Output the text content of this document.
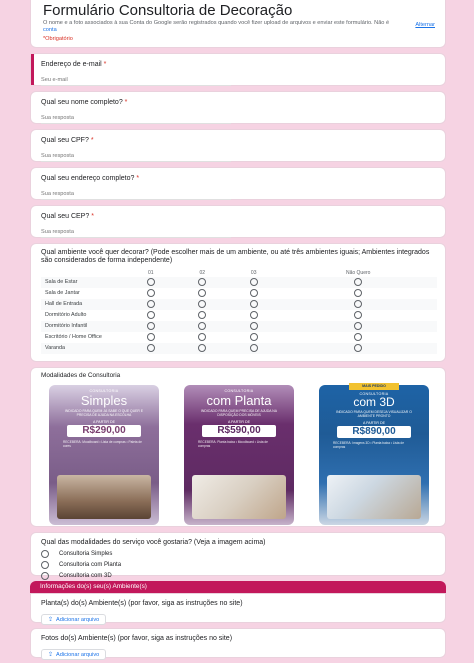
Formulário Consultoria de Decoração
O nome e a foto associados à sua Conta do Google serão registrados quando você fizer upload de arquivos e enviar este formulário. Não é conta
Alternar
*Obrigatório
Endereço de e-mail *
Seu e-mail
Qual seu nome completo? *
Sua resposta
Qual seu CPF? *
Sua resposta
Qual seu endereço completo? *
Sua resposta
Qual seu CEP? *
Sua resposta
Qual ambiente você quer decorar? (Pode escolher mais de um ambiente, ou até três ambientes iguais; Ambientes integrados são considerados de forma independente)
	01	02	03	Não Quero
Sala de Estar				
Sala de Jantar				
Hall de Entrada				
Dormitório Adulto				
Dormitório Infantil				
Escritório / Home Office				
Varanda				
Modalidades de Consultoria
CONSULTORIA
Simples
INDICADO PARA QUEM JÁ SABE O QUE QUER E PRECISA DE AJUDA NA ESCOLHA
A PARTIR DE
R$290,00
RECEBERÁ: Moodboard • Lista de compras • Paleta de cores
CONSULTORIA
com Planta
INDICADO PARA QUEM PRECISA DE AJUDA NA DISPOSIÇÃO DOS MÓVEIS
A PARTIR DE
R$590,00
RECEBERÁ: Planta baixa • Moodboard • Lista de compras
MAIS PEDIDO
CONSULTORIA
com 3D
INDICADO PARA QUEM DESEJA VISUALIZAR O AMBIENTE PRONTO
A PARTIR DE
R$890,00
RECEBERÁ: Imagens 3D • Planta baixa • Lista de compras
Qual das modalidades do serviço você gostaria? (Veja a imagem acima)
Consultoria Simples
Consultoria com Planta
Consultoria com 3D
Informações do(s) seu(s) Ambiente(s)
Planta(s) do(s) Ambiente(s) (por favor, siga as instruções no site)
⇪ Adicionar arquivo
Fotos do(s) Ambiente(s) (por favor, siga as instruções no site)
⇪ Adicionar arquivo
